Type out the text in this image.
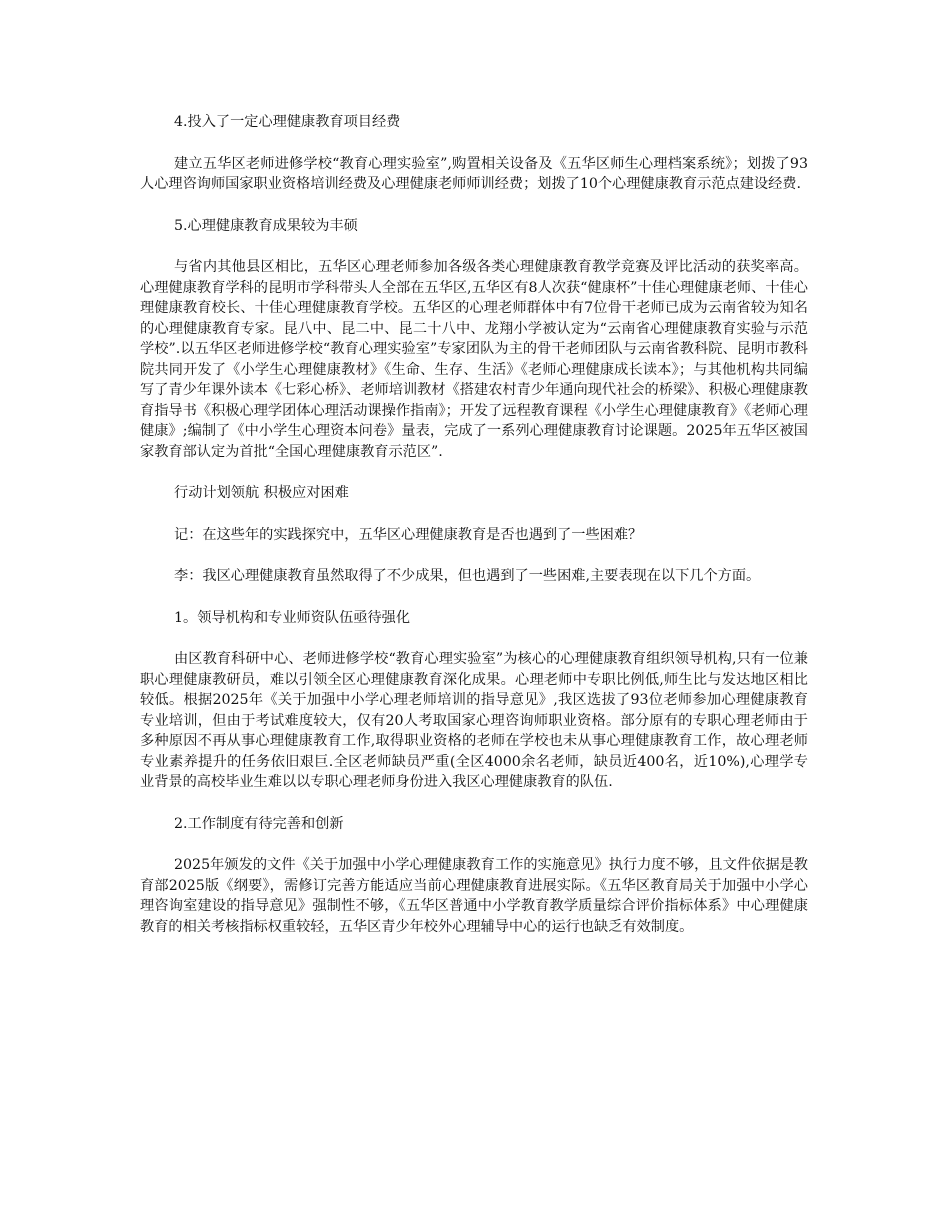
4.投入了一定心理健康教育项目经费

建立五华区老师进修学校“教育心理实验室”,购置相关设备及《五华区师生心理档案系统》；划拨了93人心理咨询师国家职业资格培训经费及心理健康老师师训经费；划拨了10个心理健康教育示范点建设经费.

5.心理健康教育成果较为丰硕

与省内其他县区相比，五华区心理老师参加各级各类心理健康教育教学竞赛及评比活动的获奖率高。心理健康教育学科的昆明市学科带头人全部在五华区,五华区有8人次获“健康杯”十佳心理健康老师、十佳心理健康教育校长、十佳心理健康教育学校。五华区的心理老师群体中有7位骨干老师已成为云南省较为知名的心理健康教育专家。昆八中、昆二中、昆二十八中、龙翔小学被认定为“云南省心理健康教育实验与示范学校”.以五华区老师进修学校“教育心理实验室”专家团队为主的骨干老师团队与云南省教科院、昆明市教科院共同开发了《小学生心理健康教材》《生命、生存、生活》《老师心理健康成长读本》；与其他机构共同编写了青少年课外读本《七彩心桥》、老师培训教材《搭建农村青少年通向现代社会的桥梁》、积极心理健康教育指导书《积极心理学团体心理活动课操作指南》；开发了远程教育课程《小学生心理健康教育》《老师心理健康》;编制了《中小学生心理资本问卷》量表，完成了一系列心理健康教育讨论课题。2025年五华区被国家教育部认定为首批“全国心理健康教育示范区”.

行动计划领航 积极应对困难

记：在这些年的实践探究中，五华区心理健康教育是否也遇到了一些困难？

李：我区心理健康教育虽然取得了不少成果，但也遇到了一些困难,主要表现在以下几个方面。

1。领导机构和专业师资队伍亟待强化

由区教育科研中心、老师进修学校“教育心理实验室”为核心的心理健康教育组织领导机构,只有一位兼职心理健康教研员，难以引领全区心理健康教育深化成果。心理老师中专职比例低,师生比与发达地区相比较低。根据2025年《关于加强中小学心理老师培训的指导意见》,我区选拔了93位老师参加心理健康教育专业培训，但由于考试难度较大，仅有20人考取国家心理咨询师职业资格。部分原有的专职心理老师由于多种原因不再从事心理健康教育工作,取得职业资格的老师在学校也未从事心理健康教育工作，故心理老师专业素养提升的任务依旧艰巨.全区老师缺员严重(全区4000余名老师，缺员近400名，近10%),心理学专业背景的高校毕业生难以以专职心理老师身份进入我区心理健康教育的队伍.

2.工作制度有待完善和创新

2025年颁发的文件《关于加强中小学心理健康教育工作的实施意见》执行力度不够，且文件依据是教育部2025版《纲要》，需修订完善方能适应当前心理健康教育进展实际。《五华区教育局关于加强中小学心理咨询室建设的指导意见》强制性不够，《五华区普通中小学教育教学质量综合评价指标体系》中心理健康教育的相关考核指标权重较轻，五华区青少年校外心理辅导中心的运行也缺乏有效制度。
